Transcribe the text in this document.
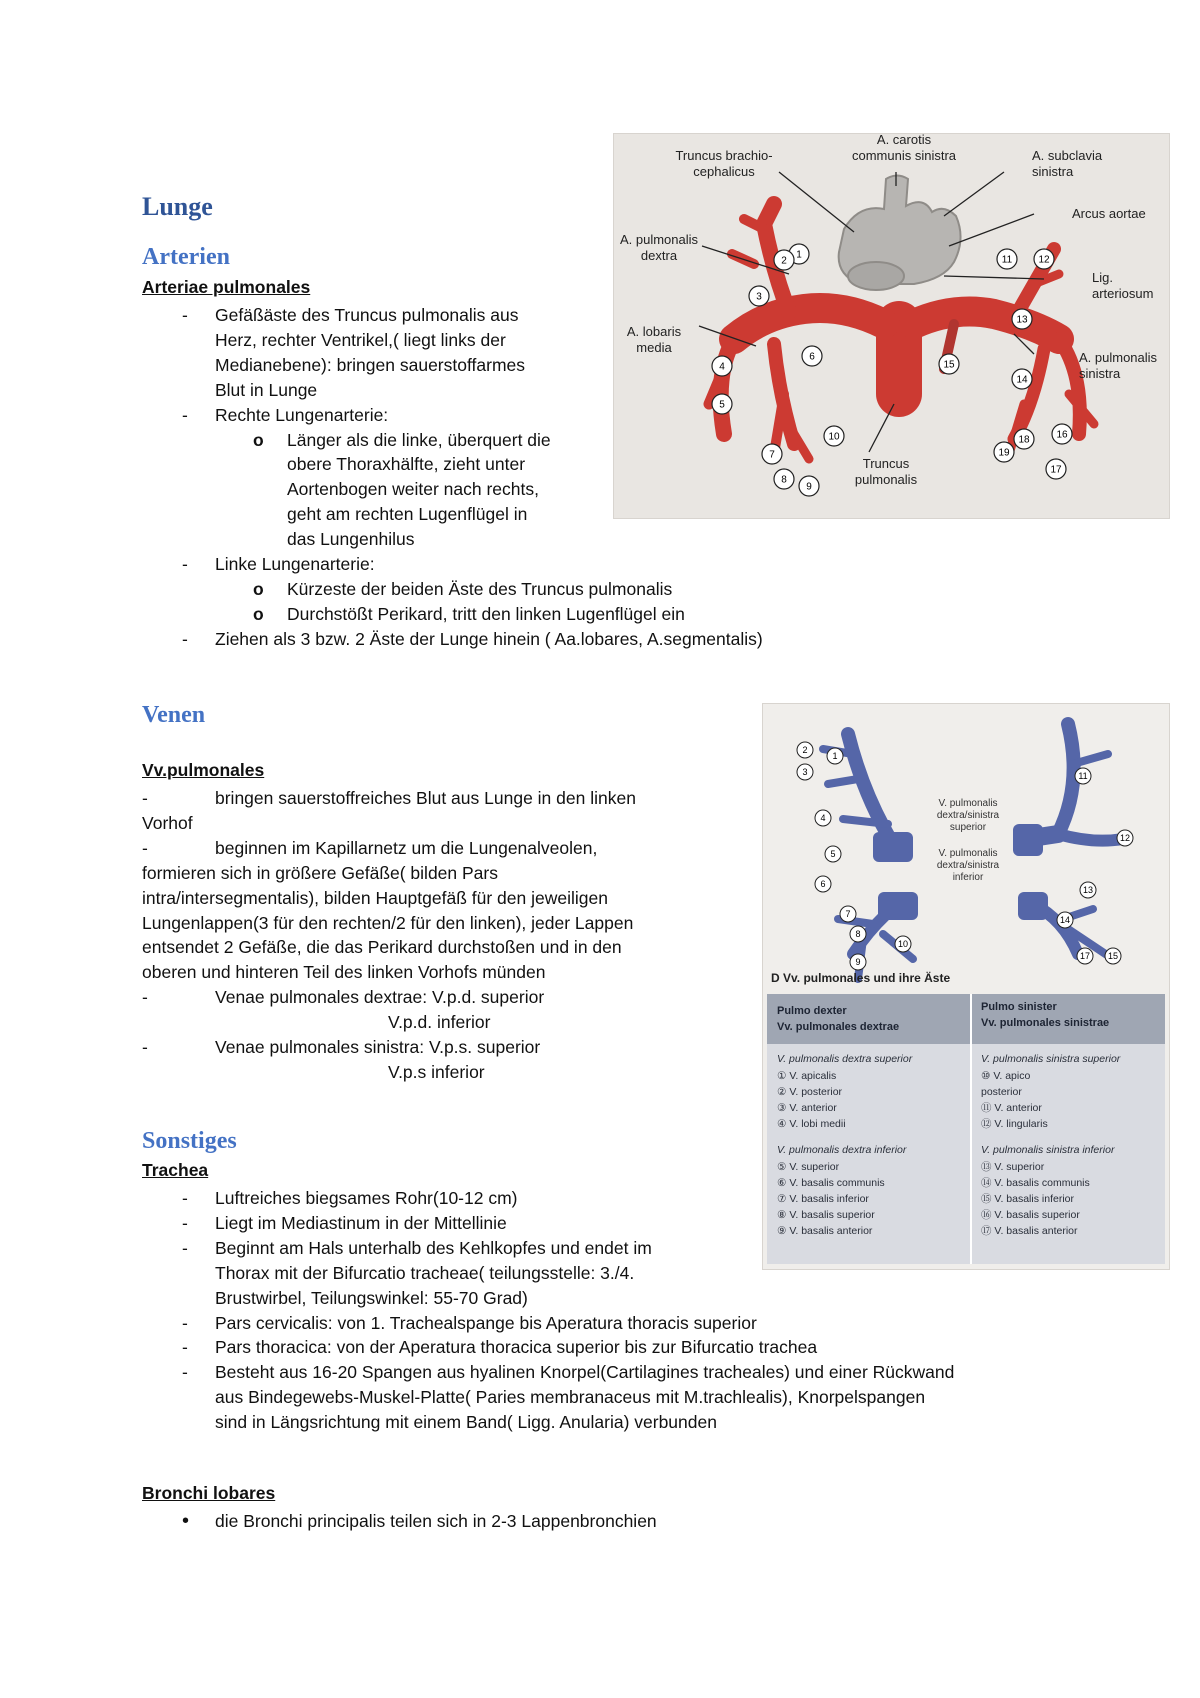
Lunge
Arterien
Arteriae pulmonales
- Gefäßäste des Truncus pulmonalis aus
Herz, rechter Ventrikel,( liegt links der
Medianebene): bringen sauerstoffarmes
Blut in Lunge
- Rechte Lungenarterie:
o Länger als die linke, überquert die
obere Thoraxhälfte, zieht unter
Aortenbogen weiter nach rechts,
geht am rechten Lugenflügel in
das Lungenhilus
- Linke Lungenarterie:
o Kürzeste der beiden Äste des Truncus pulmonalis
o Durchstößt Perikard, tritt den linken Lugenflügel ein
- Ziehen als 3 bzw. 2 Äste der Lunge hinein ( Aa.lobares, A.segmentalis)
Venen
Vv.pulmonales
-	bringen sauerstoffreiches Blut aus Lunge in den linken
Vorhof
-	beginnen im Kapillarnetz um die Lungenalveolen,
formieren sich in größere Gefäße( bilden Pars
intra/intersegmentalis), bilden Hauptgefäß für den jeweiligen
Lungenlappen(3 für den rechten/2 für den linken), jeder Lappen
entsendet 2 Gefäße, die das Perikard durchstoßen und in den
oberen und hinteren Teil des linken Vorhofs münden
-	Venae pulmonales dextrae: V.p.d. superior
V.p.d. inferior
-	Venae pulmonales sinistra: V.p.s. superior
V.p.s inferior
Sonstiges
Trachea
- Luftreiches biegsames Rohr(10-12 cm)
- Liegt im Mediastinum in der Mittellinie
- Beginnt am Hals unterhalb des Kehlkopfes und endet im
Thorax mit der Bifurcatio tracheae( teilungsstelle: 3./4.
Brustwirbel, Teilungswinkel: 55-70 Grad)
- Pars cervicalis: von 1. Trachealspange bis Aperatura thoracis superior
- Pars thoracica: von der Aperatura thoracica superior bis zur Bifurcatio trachea
- Besteht aus 16-20 Spangen aus hyalinen Knorpel(Cartilagines tracheales) und einer Rückwand
aus Bindegewebs-Muskel-Platte( Paries membranaceus mit M.trachlealis), Knorpelspangen
sind in Längsrichtung mit einem Band( Ligg. Anularia) verbunden
Bronchi lobares
• die Bronchi principalis teilen sich in 2-3 Lappenbronchien
Truncus brachio-
cephalicus
A. carotis
communis sinistra	A. subclavia
sinistra
Arcus aortae
A. pulmonalis
dextra
Lig.
arteriosum
A. lobaris
media
A. pulmonalis
sinistra
Truncus
pulmonalis
1
2
3
4
5
6
7
8
9
10
11	12
13
14
15
16
17
18
19
V. pulmonalis
dextra/sinistra
superior
V. pulmonalis
dextra/sinistra
inferior
2
1
3
4
5
6
7
8
9
10
11
12
13
14
15
17
D Vv. pulmonales und ihre Äste
Pulmo dexter
Vv. pulmonales dextrae
Pulmo sinister
Vv. pulmonales sinistrae
V. pulmonalis dextra superior
① V. apicalis
② V. posterior
③ V. anterior
④ V. lobi medii
V. pulmonalis dextra inferior
⑤ V. superior
⑥ V. basalis communis
⑦ V. basalis inferior
⑧ V. basalis superior
⑨ V. basalis anterior
V. pulmonalis sinistra superior
⑩ V. apico
posterior
⑪ V. anterior
⑫ V. lingularis
V. pulmonalis sinistra inferior
⑬ V. superior
⑭ V. basalis communis
⑮ V. basalis inferior
⑯ V. basalis superior
⑰ V. basalis anterior
